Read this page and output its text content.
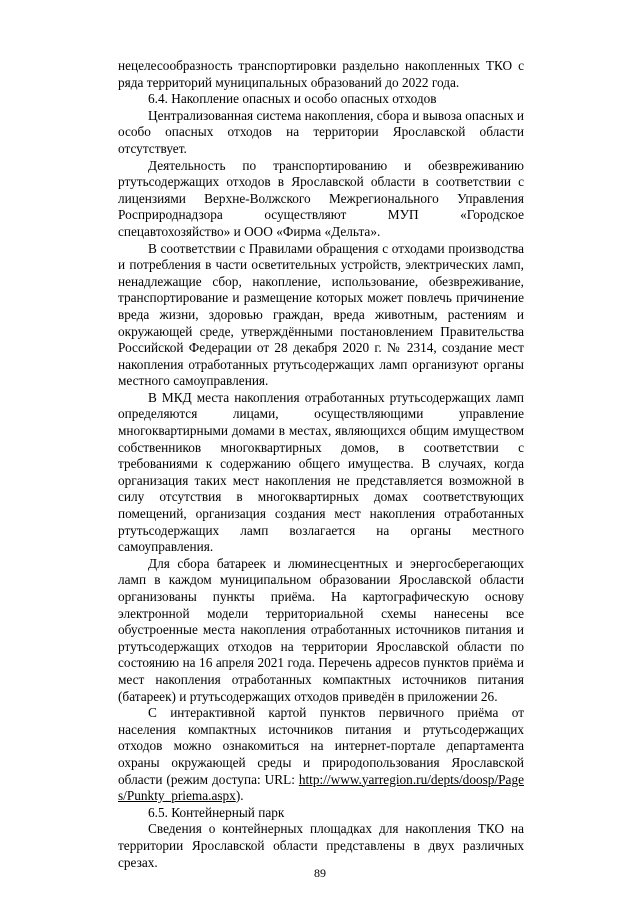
нецелесообразность транспортировки раздельно накопленных ТКО с ряда территорий муниципальных образований до 2022 года.

6.4. Накопление опасных и особо опасных отходов

Централизованная система накопления, сбора и вывоза опасных и особо опасных отходов на территории Ярославской области отсутствует.

Деятельность по транспортированию и обезвреживанию ртутьсодержащих отходов в Ярославской области в соответствии с лицензиями Верхне-Волжского Межрегионального Управления Росприроднадзора осуществляют МУП «Городское спецавтохозяйство» и ООО «Фирма «Дельта».

В соответствии с Правилами обращения с отходами производства и потребления в части осветительных устройств, электрических ламп, ненадлежащие сбор, накопление, использование, обезвреживание, транспортирование и размещение которых может повлечь причинение вреда жизни, здоровью граждан, вреда животным, растениям и окружающей среде, утверждёнными постановлением Правительства Российской Федерации от 28 декабря 2020 г. № 2314, создание мест накопления отработанных ртутьсодержащих ламп организуют органы местного самоуправления.

В МКД места накопления отработанных ртутьсодержащих ламп определяются лицами, осуществляющими управление многоквартирными домами в местах, являющихся общим имуществом собственников многоквартирных домов, в соответствии с требованиями к содержанию общего имущества. В случаях, когда организация таких мест накопления не представляется возможной в силу отсутствия в многоквартирных домах соответствующих помещений, организация создания мест накопления отработанных ртутьсодержащих ламп возлагается на органы местного самоуправления.

Для сбора батареек и люминесцентных и энергосберегающих ламп в каждом муниципальном образовании Ярославской области организованы пункты приёма. На картографическую основу электронной модели территориальной схемы нанесены все обустроенные места накопления отработанных источников питания и ртутьсодержащих отходов на территории Ярославской области по состоянию на 16 апреля 2021 года. Перечень адресов пунктов приёма и мест накопления отработанных компактных источников питания (батареек) и ртутьсодержащих отходов приведён в приложении 26.

С интерактивной картой пунктов первичного приёма от населения компактных источников питания и ртутьсодержащих отходов можно ознакомиться на интернет-портале департамента охраны окружающей среды и природопользования Ярославской области (режим доступа: URL: http://www.yarregion.ru/depts/doosp/Pages/Punkty_priema.aspx).

6.5. Контейнерный парк

Сведения о контейнерных площадках для накопления ТКО на территории Ярославской области представлены в двух различных срезах.

89
